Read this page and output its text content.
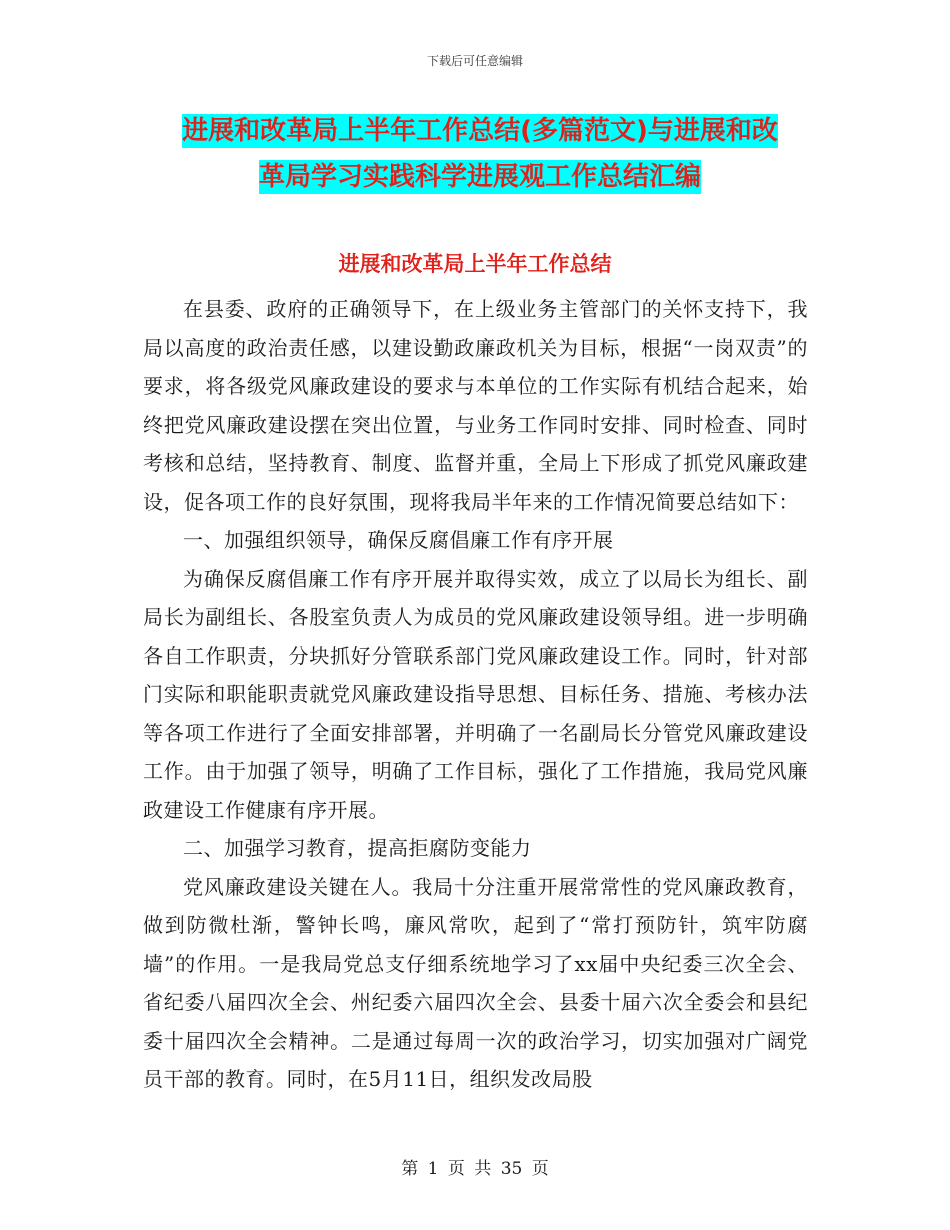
下载后可任意编辑
进展和改革局上半年工作总结(多篇范文)与进展和改
革局学习实践科学进展观工作总结汇编
进展和改革局上半年工作总结

在县委、政府的正确领导下，在上级业务主管部门的关怀支持下，我局以高度的政治责任感，以建设勤政廉政机关为目标，根据“一岗双责”的要求，将各级党风廉政建设的要求与本单位的工作实际有机结合起来，始终把党风廉政建设摆在突出位置，与业务工作同时安排、同时检查、同时考核和总结，坚持教育、制度、监督并重，全局上下形成了抓党风廉政建设，促各项工作的良好氛围，现将我局半年来的工作情况简要总结如下：

一、加强组织领导，确保反腐倡廉工作有序开展

为确保反腐倡廉工作有序开展并取得实效，成立了以局长为组长、副局长为副组长、各股室负责人为成员的党风廉政建设领导组。进一步明确各自工作职责，分块抓好分管联系部门党风廉政建设工作。同时，针对部门实际和职能职责就党风廉政建设指导思想、目标任务、措施、考核办法等各项工作进行了全面安排部署，并明确了一名副局长分管党风廉政建设工作。由于加强了领导，明确了工作目标，强化了工作措施，我局党风廉政建设工作健康有序开展。

二、加强学习教育，提高拒腐防变能力

党风廉政建设关键在人。我局十分注重开展常常性的党风廉政教育，做到防微杜渐，警钟长鸣，廉风常吹，起到了“常打预防针，筑牢防腐墙”的作用。一是我局党总支仔细系统地学习了xx届中央纪委三次全会、省纪委八届四次全会、州纪委六届四次全会、县委十届六次全委会和县纪委十届四次全会精神。二是通过每周一次的政治学习，切实加强对广阔党员干部的教育。同时，在5月11日，组织发改局股

第 1 页 共 35 页
